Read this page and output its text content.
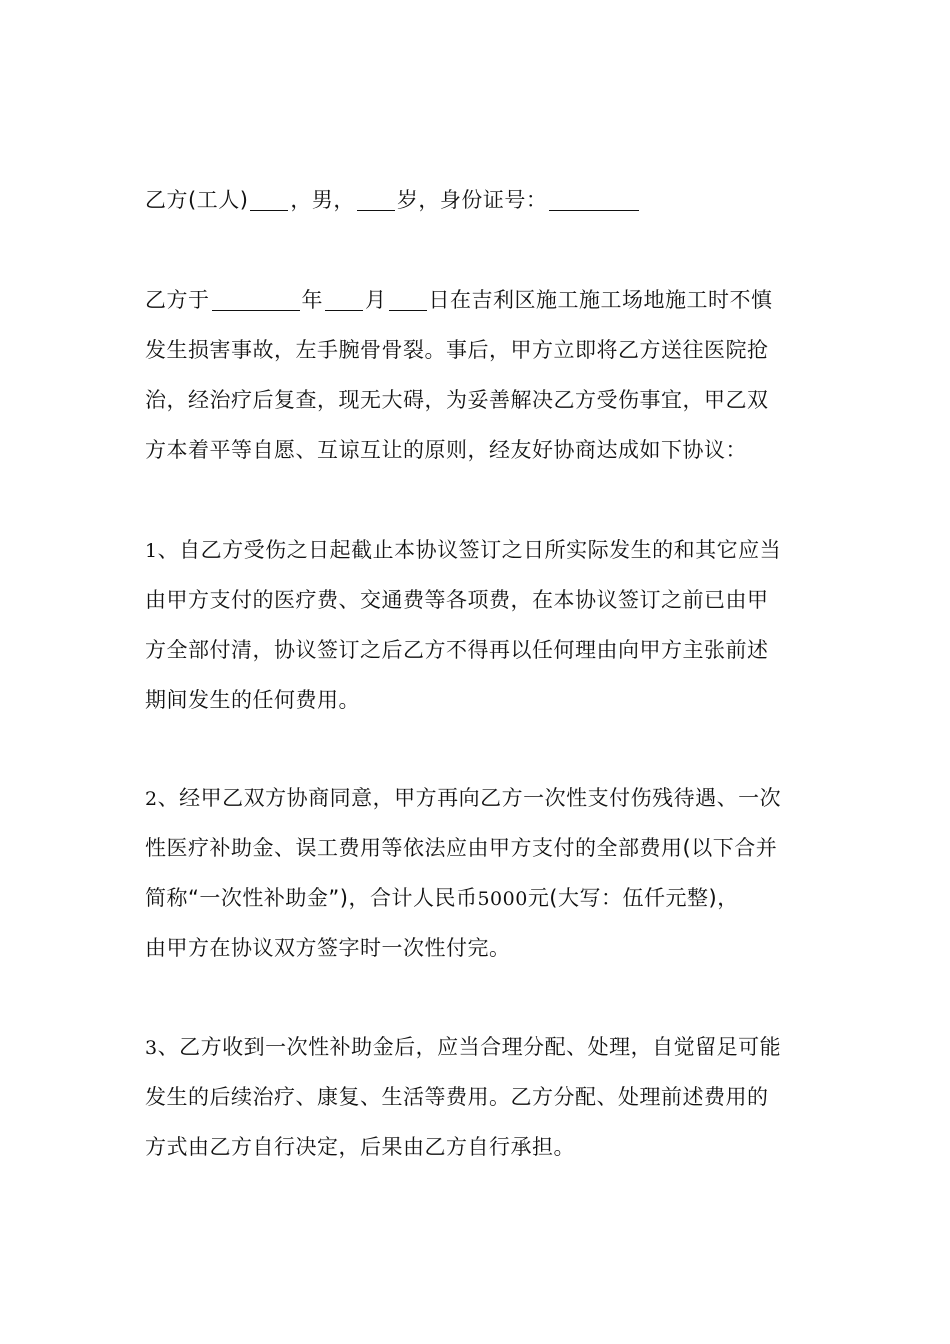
乙方(工人) ，男， 岁，身份证号：

乙方于	年 月 日在吉利区施工施工场地施工时不慎
发生损害事故，左手腕骨骨裂。事后，甲方立即将乙方送往医院抢
治，经治疗后复查，现无大碍，为妥善解决乙方受伤事宜，甲乙双
方本着平等自愿、互谅互让的原则，经友好协商达成如下协议：

1、自乙方受伤之日起截止本协议签订之日所实际发生的和其它应当
由甲方支付的医疗费、交通费等各项费，在本协议签订之前已由甲
方全部付清，协议签订之后乙方不得再以任何理由向甲方主张前述
期间发生的任何费用。

2、经甲乙双方协商同意，甲方再向乙方一次性支付伤残待遇、一次
性医疗补助金、误工费用等依法应由甲方支付的全部费用(以下合并
简称“一次性补助金”)，合计人民币5000元(大写：伍仟元整)，
由甲方在协议双方签字时一次性付完。

3、乙方收到一次性补助金后，应当合理分配、处理，自觉留足可能
发生的后续治疗、康复、生活等费用。乙方分配、处理前述费用的
方式由乙方自行决定，后果由乙方自行承担。
